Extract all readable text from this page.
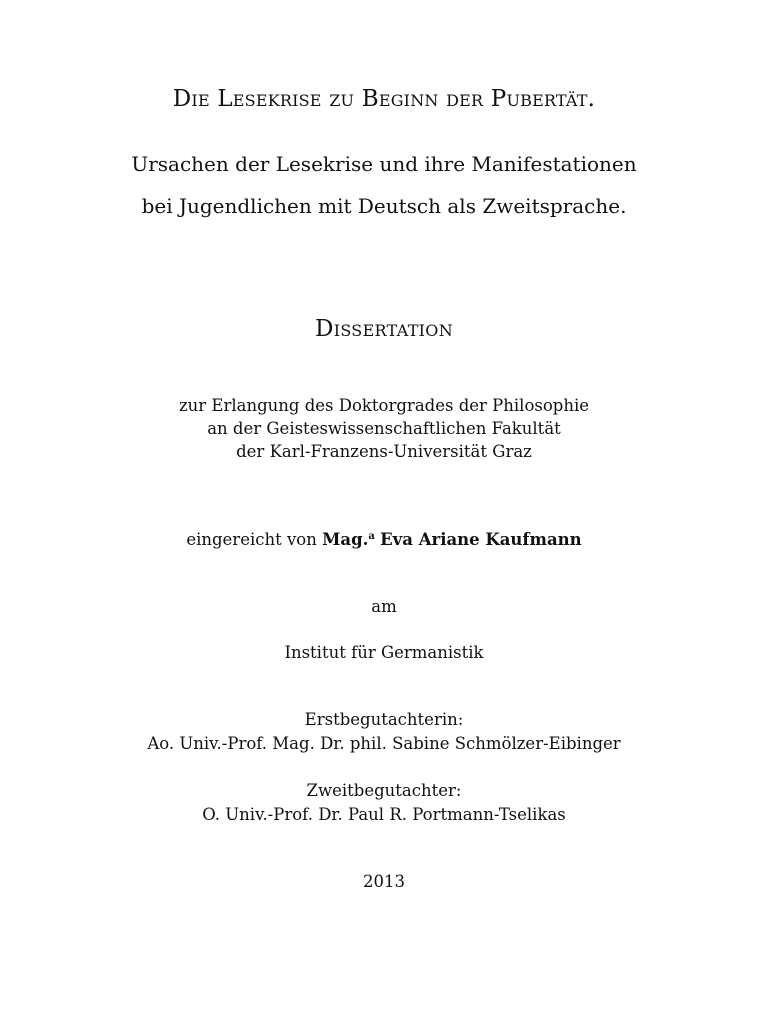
Die Lesekrise zu Beginn der Pubertät.
Ursachen der Lesekrise und ihre Manifestationen
bei Jugendlichen mit Deutsch als Zweitsprache.
Dissertation
zur Erlangung des Doktorgrades der Philosophie
an der Geisteswissenschaftlichen Fakultät
der Karl-Franzens-Universität Graz
eingereicht von Mag.$^a$ Eva Ariane Kaufmann
am
Institut für Germanistik
Erstbegutachterin:
Ao. Univ.-Prof. Mag. Dr. phil. Sabine Schmölzer-Eibinger
Zweitbegutachter:
O. Univ.-Prof. Dr. Paul R. Portmann-Tselikas
2013
